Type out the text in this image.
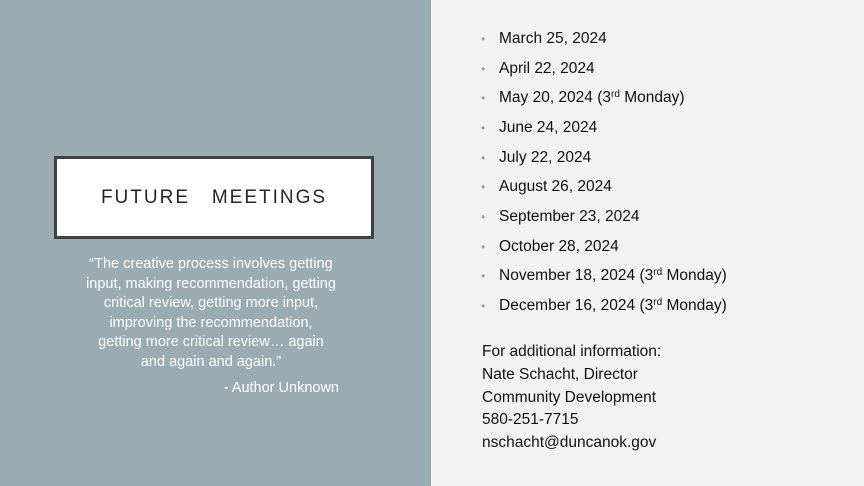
FUTURE   MEETINGS
“The creative process involves getting
input, making recommendation, getting
critical review, getting more input,
improving the recommendation,
getting more critical review… again
and again and again.”
- Author Unknown
• March 25, 2024
• April 22, 2024
• May 20, 2024
(3rd Monday)
• June 24, 2024
• July 22, 2024
• August 26, 2024
• September 23, 2024
• October 28, 2024
• November 18, 2024
(3rd Monday)
• December 16, 2024
(3rd Monday)
For additional information:
Nate Schacht, Director
Community Development
580-251-7715
nschacht@duncanok.gov
